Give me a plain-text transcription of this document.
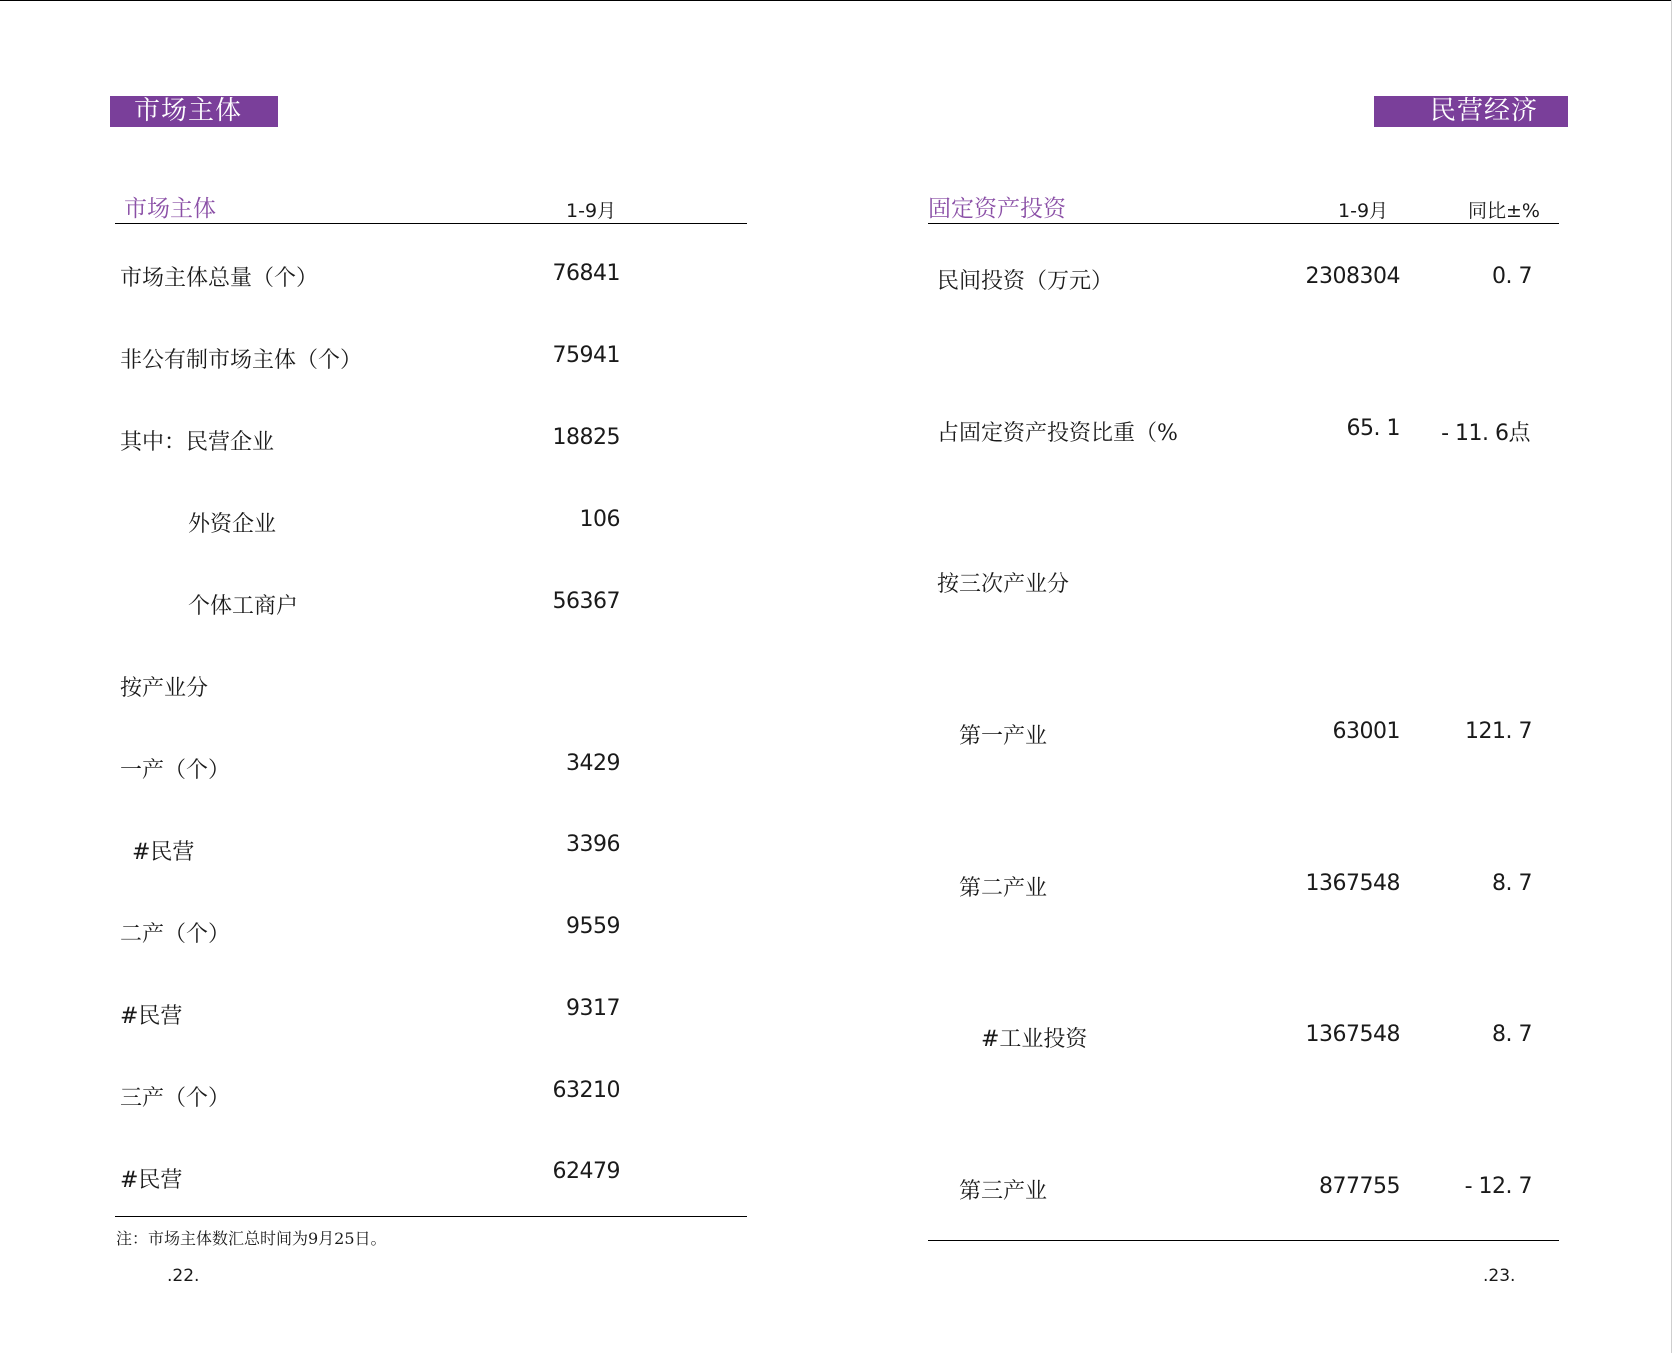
市场主体
市场主体	1-9月
市场主体总量（个）	76841
非公有制市场主体（个）	75941
其中：民营企业	18825
外资企业	106
个体工商户	56367
按产业分
一产（个）	3429
#民营	3396
二产（个）	9559
#民营	9317
三产（个）	63210
#民营	62479
注：市场主体数汇总时间为9月25日。
.22.
民营经济
固定资产投资	1-9月	同比±%
民间投资（万元）	2308304	0. 7
占固定资产投资比重（%	65. 1	- 11. 6点
按三次产业分
第一产业	63001	121. 7
第二产业	1367548	8. 7
#工业投资	1367548	8. 7
第三产业	877755	- 12. 7
.23.
